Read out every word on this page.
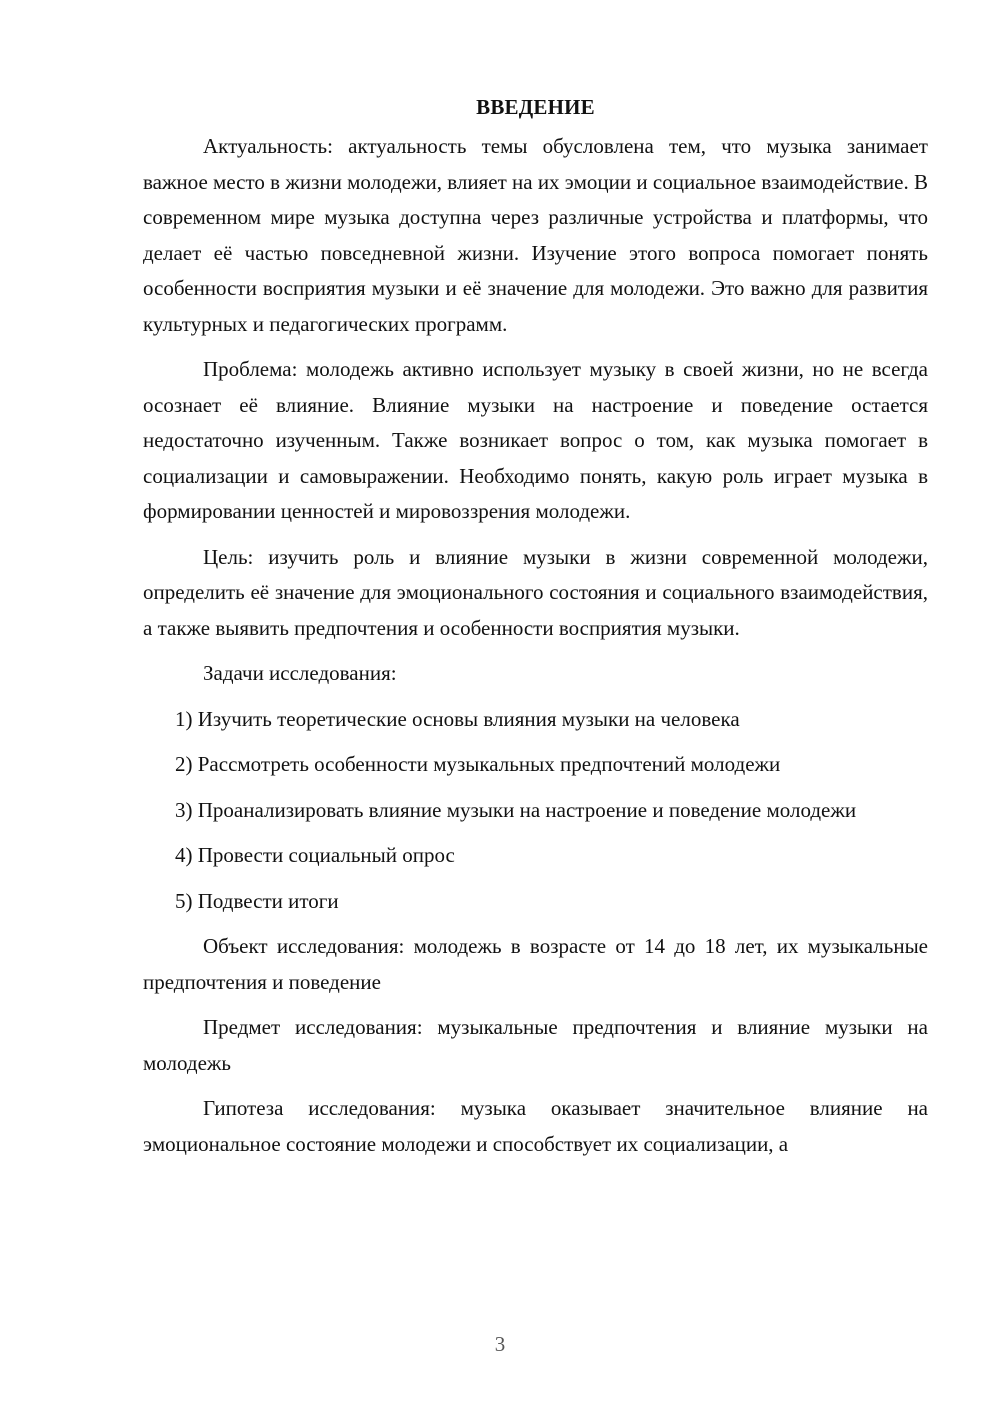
ВВЕДЕНИЕ

Актуальность: актуальность темы обусловлена тем, что музыка занимает важное место в жизни молодежи, влияет на их эмоции и социальное взаимодействие. В современном мире музыка доступна через различные устройства и платформы, что делает её частью повседневной жизни. Изучение этого вопроса помогает понять особенности восприятия музыки и её значение для молодежи. Это важно для развития культурных и педагогических программ.

Проблема: молодежь активно использует музыку в своей жизни, но не всегда осознает её влияние. Влияние музыки на настроение и поведение остается недостаточно изученным. Также возникает вопрос о том, как музыка помогает в социализации и самовыражении. Необходимо понять, какую роль играет музыка в формировании ценностей и мировоззрения молодежи.

Цель: изучить роль и влияние музыки в жизни современной молодежи, определить её значение для эмоционального состояния и социального взаимодействия, а также выявить предпочтения и особенности восприятия музыки.

Задачи исследования:

1) Изучить теоретические основы влияния музыки на человека

2) Рассмотреть особенности музыкальных предпочтений молодежи

3) Проанализировать влияние музыки на настроение и поведение молодежи

4) Провести социальный опрос

5) Подвести итоги

Объект исследования: молодежь в возрасте от 14 до 18 лет, их музыкальные предпочтения и поведение

Предмет исследования: музыкальные предпочтения и влияние музыки на молодежь

Гипотеза исследования: музыка оказывает значительное влияние на эмоциональное состояние молодежи и способствует их социализации, а

3
